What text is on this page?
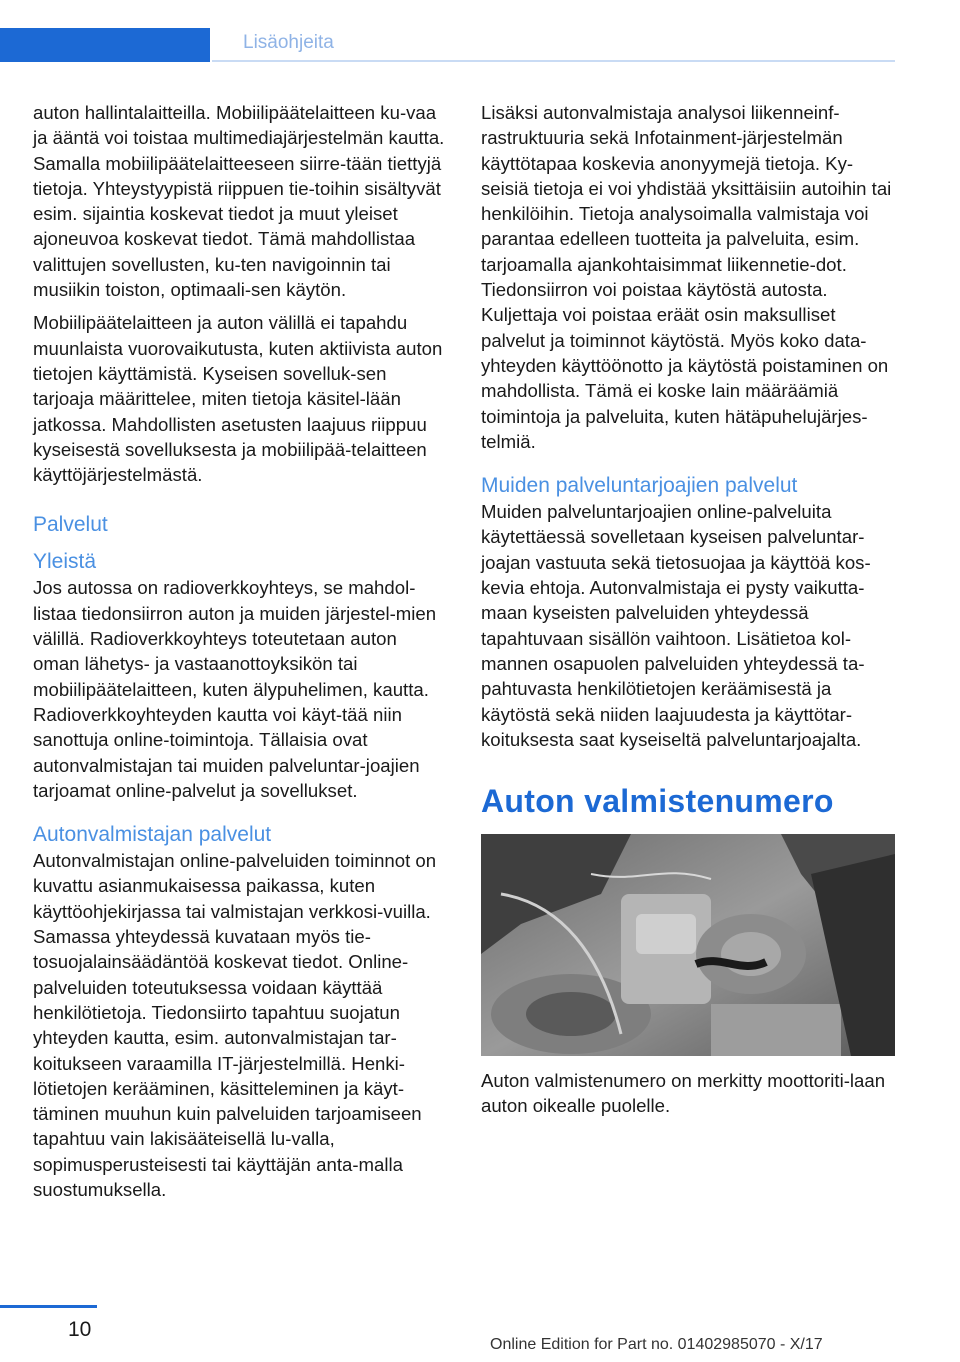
Lisäohjeita

auton hallintalaitteilla. Mobiilipäätelaitteen ku-vaa ja ääntä voi toistaa multimediajärjestelmän kautta. Samalla mobiilipäätelaitteeseen siirre-tään tiettyjä tietoja. Yhteystyypistä riippuen tie-toihin sisältyvät esim. sijaintia koskevat tiedot ja muut yleiset ajoneuvoa koskevat tiedot. Tämä mahdollistaa valittujen sovellusten, ku-ten navigoinnin tai musiikin toiston, optimaali-sen käytön.

Mobiilipäätelaitteen ja auton välillä ei tapahdu muunlaista vuorovaikutusta, kuten aktiivista auton tietojen käyttämistä. Kyseisen sovelluk-sen tarjoaja määrittelee, miten tietoja käsitel-lään jatkossa. Mahdollisten asetusten laajuus riippuu kyseisestä sovelluksesta ja mobiilipää-telaitteen käyttöjärjestelmästä.

Palvelut
Yleistä

Jos autossa on radioverkkoyhteys, se mahdol-listaa tiedonsiirron auton ja muiden järjestel-mien välillä. Radioverkkoyhteys toteutetaan auton oman lähetys- ja vastaanottoyksikön tai mobiilipäätelaitteen, kuten älypuhelimen, kautta. Radioverkkoyhteyden kautta voi käyt-tää niin sanottuja online-toimintoja. Tällaisia ovat autonvalmistajan tai muiden palveluntar-joajien tarjoamat online-palvelut ja sovellukset.

Autonvalmistajan palvelut

Autonvalmistajan online-palveluiden toiminnot on kuvattu asianmukaisessa paikassa, kuten käyttöohjekirjassa tai valmistajan verkkosi-vuilla. Samassa yhteydessä kuvataan myös tie-tosuojalainsäädäntöä koskevat tiedot. Online-palveluiden toteutuksessa voidaan käyttää henkilötietoja. Tiedonsiirto tapahtuu suojatun yhteyden kautta, esim. autonvalmistajan tar-koitukseen varaamilla IT-järjestelmillä. Henki-lötietojen kerääminen, käsitteleminen ja käyt-täminen muuhun kuin palveluiden tarjoamiseen tapahtuu vain lakisääteisellä lu-valla, sopimusperusteisesti tai käyttäjän anta-malla suostumuksella.

Lisäksi autonvalmistaja analysoi liikenneinf-rastruktuuria sekä Infotainment-järjestelmän käyttötapaa koskevia anonyymejä tietoja. Ky-seisiä tietoja ei voi yhdistää yksittäisiin autoihin tai henkilöihin. Tietoja analysoimalla valmistaja voi parantaa edelleen tuotteita ja palveluita, esim. tarjoamalla ajankohtaisimmat liikennetie-dot. Tiedonsiirron voi poistaa käytöstä autosta. Kuljettaja voi poistaa eräät osin maksulliset palvelut ja toiminnot käytöstä. Myös koko data-yhteyden käyttöönotto ja käytöstä poistaminen on mahdollista. Tämä ei koske lain määräämiä toimintoja ja palveluita, kuten hätäpuhelujärjes-telmiä.

Muiden palveluntarjoajien palvelut

Muiden palveluntarjoajien online-palveluita käytettäessä sovelletaan kyseisen palveluntar-joajan vastuuta sekä tietosuojaa ja käyttöä kos-kevia ehtoja. Autonvalmistaja ei pysty vaikutta-maan kyseisten palveluiden yhteydessä tapahtuvaan sisällön vaihtoon. Lisätietoa kol-mannen osapuolen palveluiden yhteydessä ta-pahtuvasta henkilötietojen keräämisestä ja käytöstä sekä niiden laajuudesta ja käyttötar-koituksesta saat kyseiseltä palveluntarjoajalta.

Auton valmistenumero

Auton valmistenumero on merkitty moottoriti-laan auton oikealle puolelle.

10
Online Edition for Part no. 01402985070 - X/17
